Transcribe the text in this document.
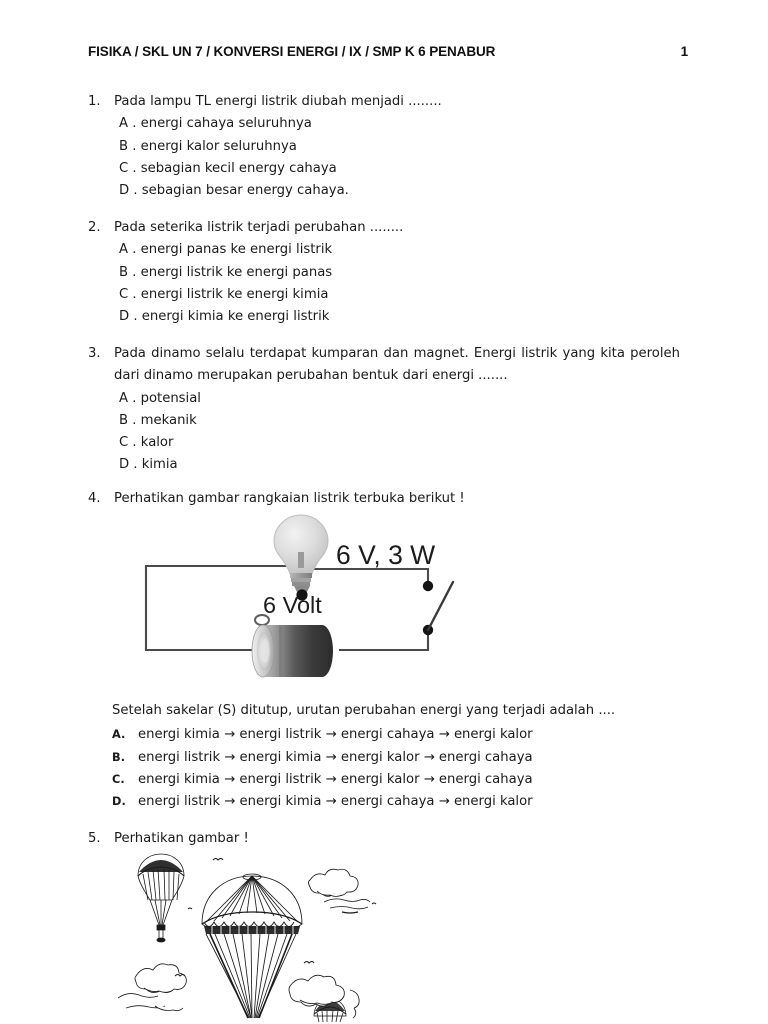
FISIKA / SKL UN 7 / KONVERSI ENERGI / IX / SMP K 6 PENABUR	1
1.	Pada lampu TL energi listrik diubah menjadi ........
A . energi cahaya seluruhnya
B . energi kalor seluruhnya
C . sebagian kecil energy cahaya
D . sebagian besar energy cahaya.
2.	Pada seterika listrik terjadi perubahan ........
A . energi panas ke energi listrik
B . energi listrik ke energi panas
C . energi listrik ke energi kimia
D . energi kimia ke energi listrik
3.	Pada dinamo selalu terdapat kumparan dan magnet. Energi listrik yang kita peroleh dari dinamo merupakan perubahan bentuk dari energi .......
A . potensial
B . mekanik
C . kalor
D . kimia
4.	Perhatikan gambar rangkaian listrik terbuka berikut !
6 V, 3 W
6 Volt
Setelah sakelar (S) ditutup, urutan perubahan energi yang terjadi adalah ....
A. energi kimia → energi listrik → energi cahaya → energi kalor
B. energi listrik → energi kimia → energi kalor → energi cahaya
C.	energi kimia → energi listrik → energi kalor → energi cahaya
D. energi listrik → energi kimia → energi cahaya → energi kalor
5.	Perhatikan gambar !
